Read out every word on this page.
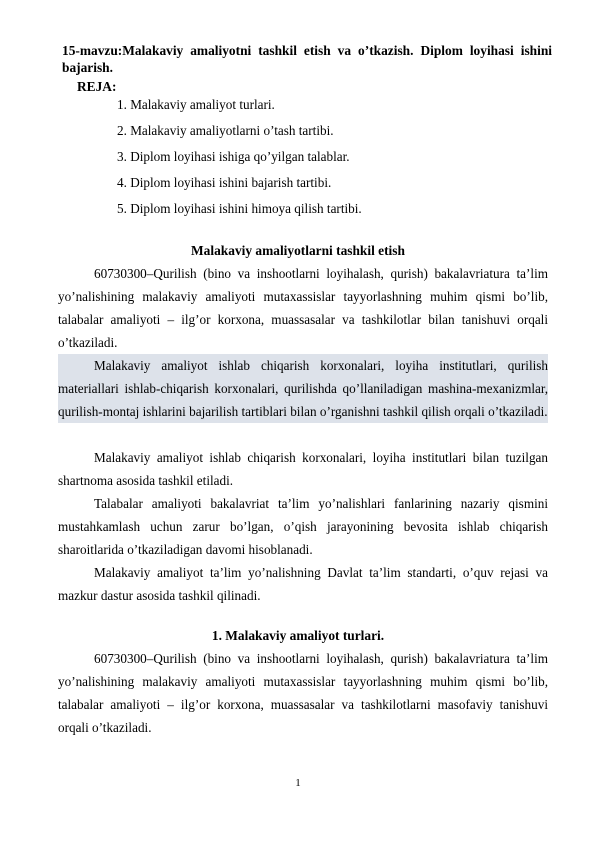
15-mavzu:Malakaviy amaliyotni tashkil etish va o’tkazish. Diplom loyihasi ishini bajarish.
REJA:
1. Malakaviy amaliyot turlari.
2. Malakaviy amaliyotlarni o’tash tartibi.
3. Diplom loyihasi ishiga qo’yilgan talablar.
4. Diplom loyihasi ishini bajarish tartibi.
5. Diplom loyihasi ishini himoya qilish tartibi.
Malakaviy amaliyotlarni tashkil etish

60730300–Qurilish (bino va inshootlarni loyihalash, qurish) bakalavriatura ta’lim yo’nalishining malakaviy amaliyoti mutaxassislar tayyorlashning muhim qismi bo’lib, talabalar amaliyoti – ilg’or korxona, muassasalar va tashkilotlar bilan tanishuvi orqali o’tkaziladi.

Malakaviy amaliyot ishlab chiqarish korxonalari, loyiha institutlari, qurilish materiallari ishlab-chiqarish korxonalari, qurilishda qo’llaniladigan mashina-mexanizmlar, qurilish-montaj ishlarini bajarilish tartiblari bilan o’rganishni tashkil qilish orqali o’tkaziladi.

Malakaviy amaliyot ishlab chiqarish korxonalari, loyiha institutlari bilan tuzilgan shartnoma asosida tashkil etiladi.

Talabalar amaliyoti bakalavriat ta’lim yo’nalishlari fanlarining nazariy qismini mustahkamlash uchun zarur bo’lgan, o’qish jarayonining bevosita ishlab chiqarish sharoitlarida o’tkaziladigan davomi hisoblanadi.

Malakaviy amaliyot ta’lim yo’nalishning Davlat ta’lim standarti, o’quv rejasi va mazkur dastur asosida tashkil qilinadi.

1. Malakaviy amaliyot turlari.

60730300–Qurilish (bino va inshootlarni loyihalash, qurish) bakalavriatura ta’lim yo’nalishining malakaviy amaliyoti mutaxassislar tayyorlashning muhim qismi bo’lib, talabalar amaliyoti – ilg’or korxona, muassasalar va tashkilotlarni masofaviy tanishuvi orqali o’tkaziladi.

1
